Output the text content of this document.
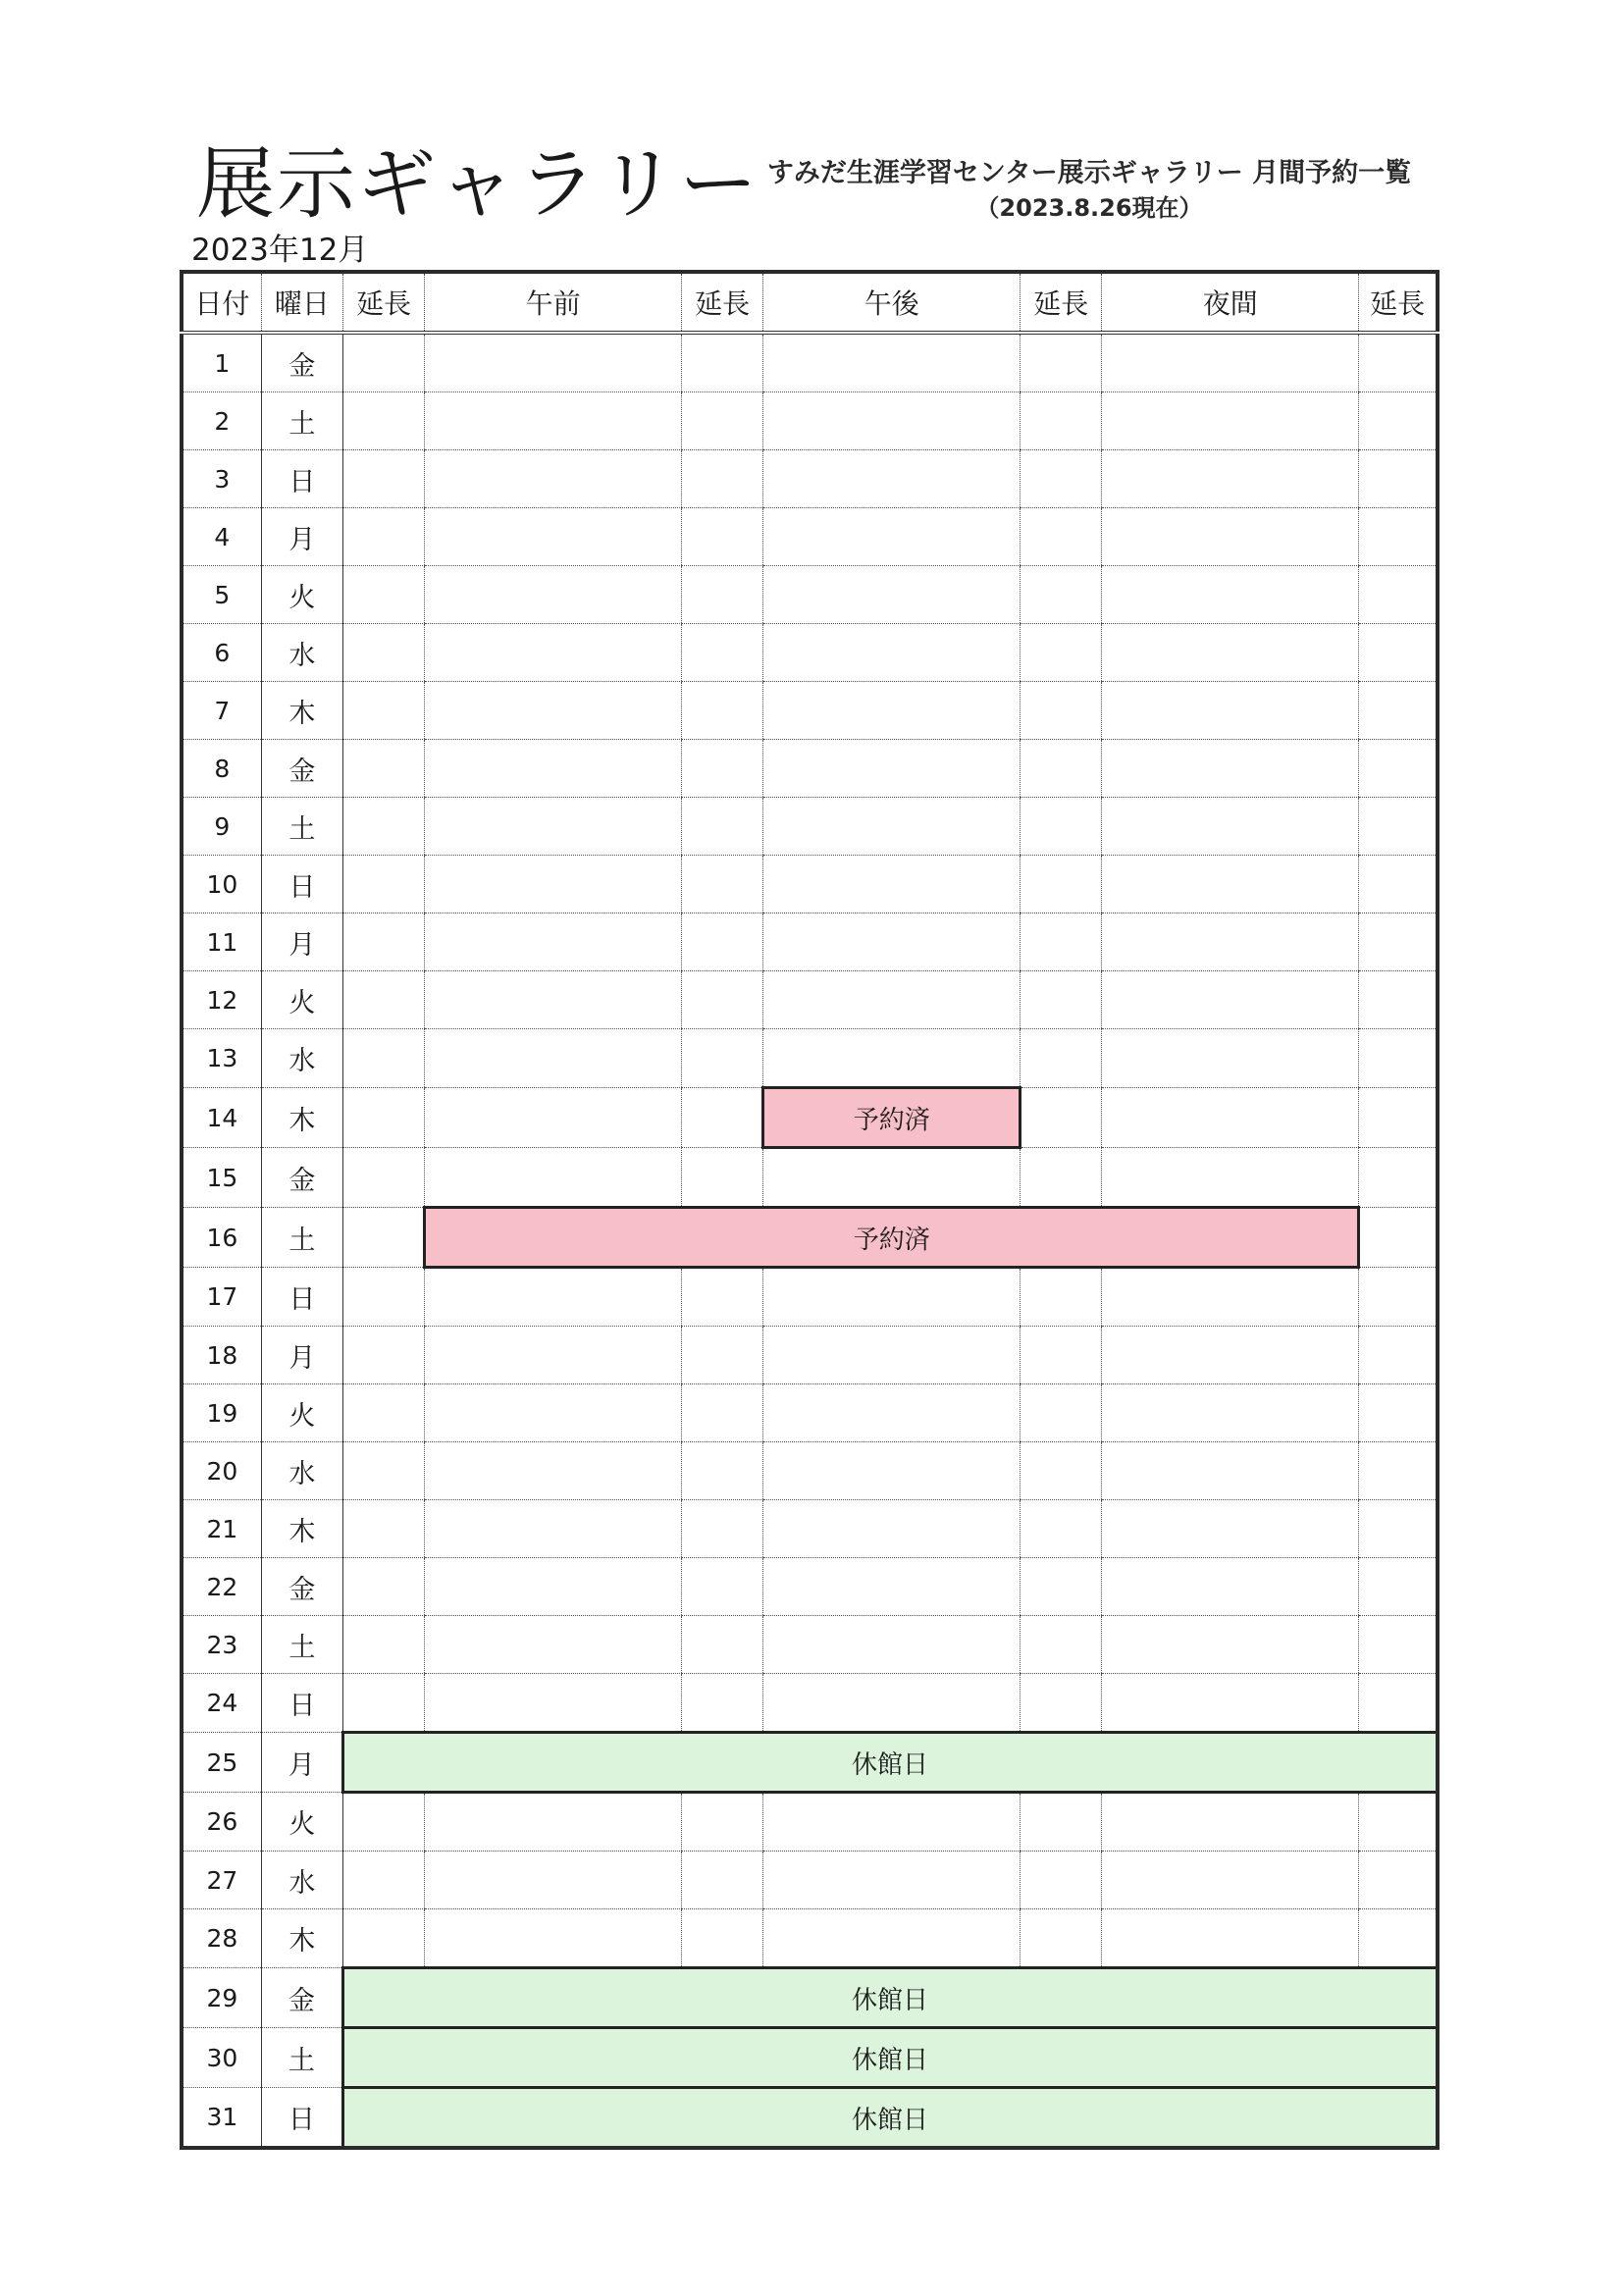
展示ギャラリー すみだ生涯学習センター展示ギャラリー 月間予約一覧
（2023.8.26現在）
2023年12月
日付	曜日	延長	午前	延長	午後	延長	夜間	延長
1	金							
2	土							
3	日							
4	月							
5	火							
6	水							
7	木							
8	金							
9	土							
10	日							
11	月							
12	火							
13	水							
14	木				予約済			
15	金							
16	土		予約済					
17	日							
18	月							
19	火							
20	水							
21	木							
22	金							
23	土							
24	日							
25	月	休館日						
26	火							
27	水							
28	木							
29	金	休館日						
30	土	休館日						
31	日	休館日						
